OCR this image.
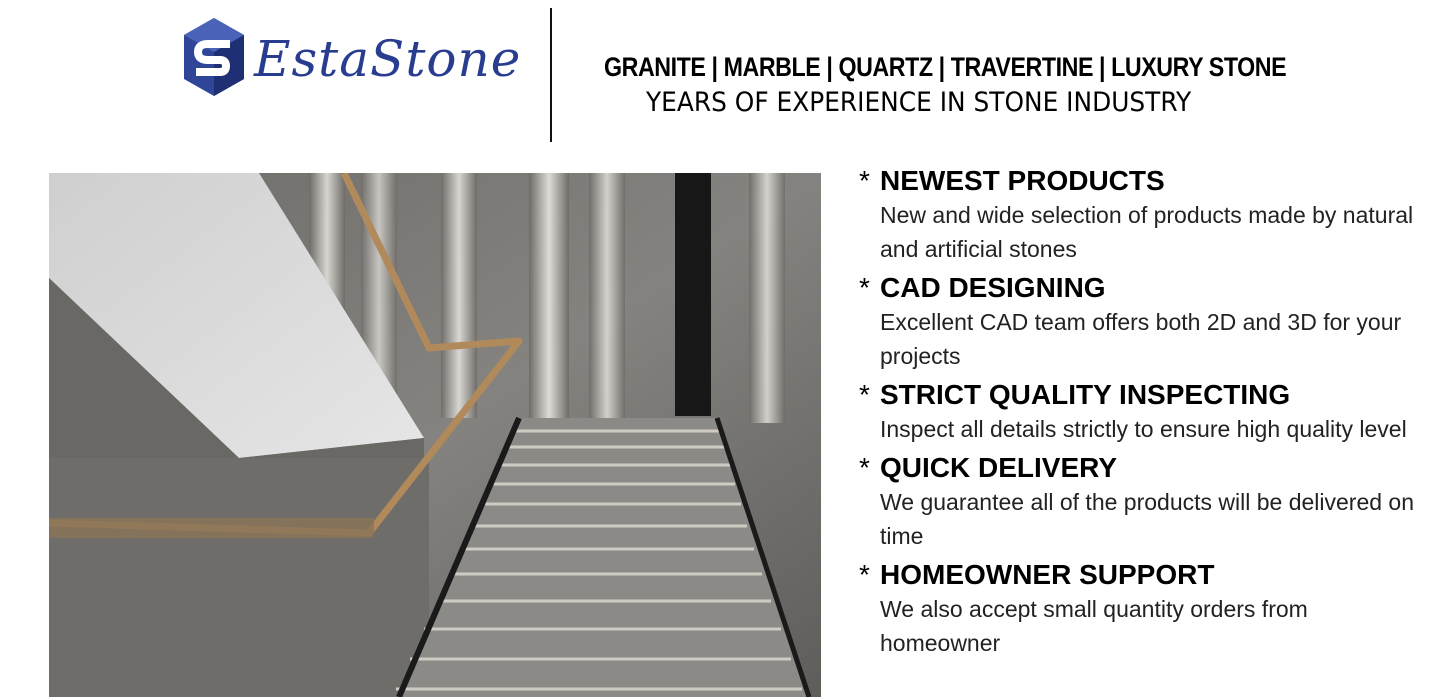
EstaStone	GRANITE | MARBLE | QUARTZ | TRAVERTINE | LUXURY STONE
YEARS OF EXPERIENCE IN STONE INDUSTRY
* NEWEST PRODUCTS
New and wide selection of products made by natural and artificial stones
* CAD DESIGNING
Excellent CAD team offers both 2D and 3D for your projects
* STRICT QUALITY INSPECTING
Inspect all details strictly to ensure high quality level
* QUICK DELIVERY
We guarantee all of the products will be delivered on time
* HOMEOWNER SUPPORT
We also accept small quantity orders from homeowner
